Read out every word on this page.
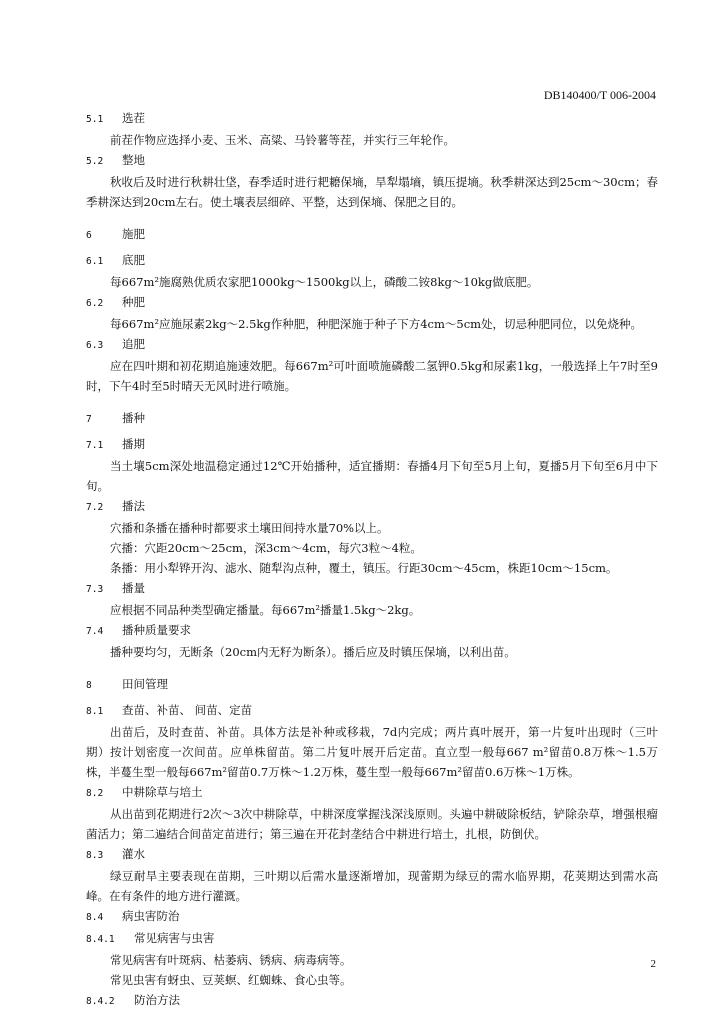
DB140400/T 006-2004
5.1	选茬

前茬作物应选择小麦、玉米、高粱、马铃薯等茬，并实行三年轮作。

5.2	整地

秋收后及时进行秋耕壮垡，春季适时进行耙耱保墒，旱犁塌墒，镇压提墒。秋季耕深达到25cm～30cm；春季耕深达到20cm左右。使土壤表层细碎、平整，达到保墒、保肥之目的。

6	施肥
6.1	底肥

每667m²施腐熟优质农家肥1000kg～1500kg以上，磷酸二铵8kg～10kg做底肥。

6.2	种肥

每667m²应施尿素2kg～2.5kg作种肥，种肥深施于种子下方4cm～5cm处，切忌种肥同位，以免烧种。

6.3	追肥

应在四叶期和初花期追施速效肥。每667m²可叶面喷施磷酸二氢钾0.5kg和尿素1kg，一般选择上午7时至9时，下午4时至5时晴天无风时进行喷施。

7	播种
7.1	播期

当土壤5cm深处地温稳定通过12℃开始播种，适宜播期：春播4月下旬至5月上旬，夏播5月下旬至6月中下旬。

7.2	播法

穴播和条播在播种时都要求土壤田间持水量70%以上。

穴播：穴距20cm～25cm，深3cm～4cm，每穴3粒～4粒。

条播：用小犁铧开沟、滤水、随犁沟点种，覆土，镇压。行距30cm～45cm，株距10cm～15cm。

7.3	播量

应根据不同品种类型确定播量。每667m²播量1.5kg～2kg。

7.4	播种质量要求

播种要均匀，无断条（20cm内无籽为断条）。播后应及时镇压保墒，以利出苗。

8	田间管理
8.1	查苗、补苗、 间苗、定苗

出苗后，及时查苗、补苗。具体方法是补种或移栽，7d内完成；两片真叶展开，第一片复叶出现时（三叶期）按计划密度一次间苗。应单株留苗。第二片复叶展开后定苗。直立型一般每667 m²留苗0.8万株～1.5万株，半蔓生型一般每667m²留苗0.7万株～1.2万株，蔓生型一般每667m²留苗0.6万株～1万株。

8.2	中耕除草与培土

从出苗到花期进行2次～3次中耕除草，中耕深度掌握浅深浅原则。头遍中耕破除板结，铲除杂草，增强根瘤菌活力；第二遍结合间苗定苗进行；第三遍在开花封垄结合中耕进行培土，扎根，防倒伏。

8.3	灌水

绿豆耐旱主要表现在苗期，三叶期以后需水量逐渐增加，现蕾期为绿豆的需水临界期，花荚期达到需水高峰。在有条件的地方进行灌溉。

8.4	病虫害防治
8.4.1	常见病害与虫害

常见病害有叶斑病、枯萎病、锈病、病毒病等。

常见虫害有蚜虫、豆荚螟、红蜘蛛、食心虫等。

8.4.2	防治方法
2
